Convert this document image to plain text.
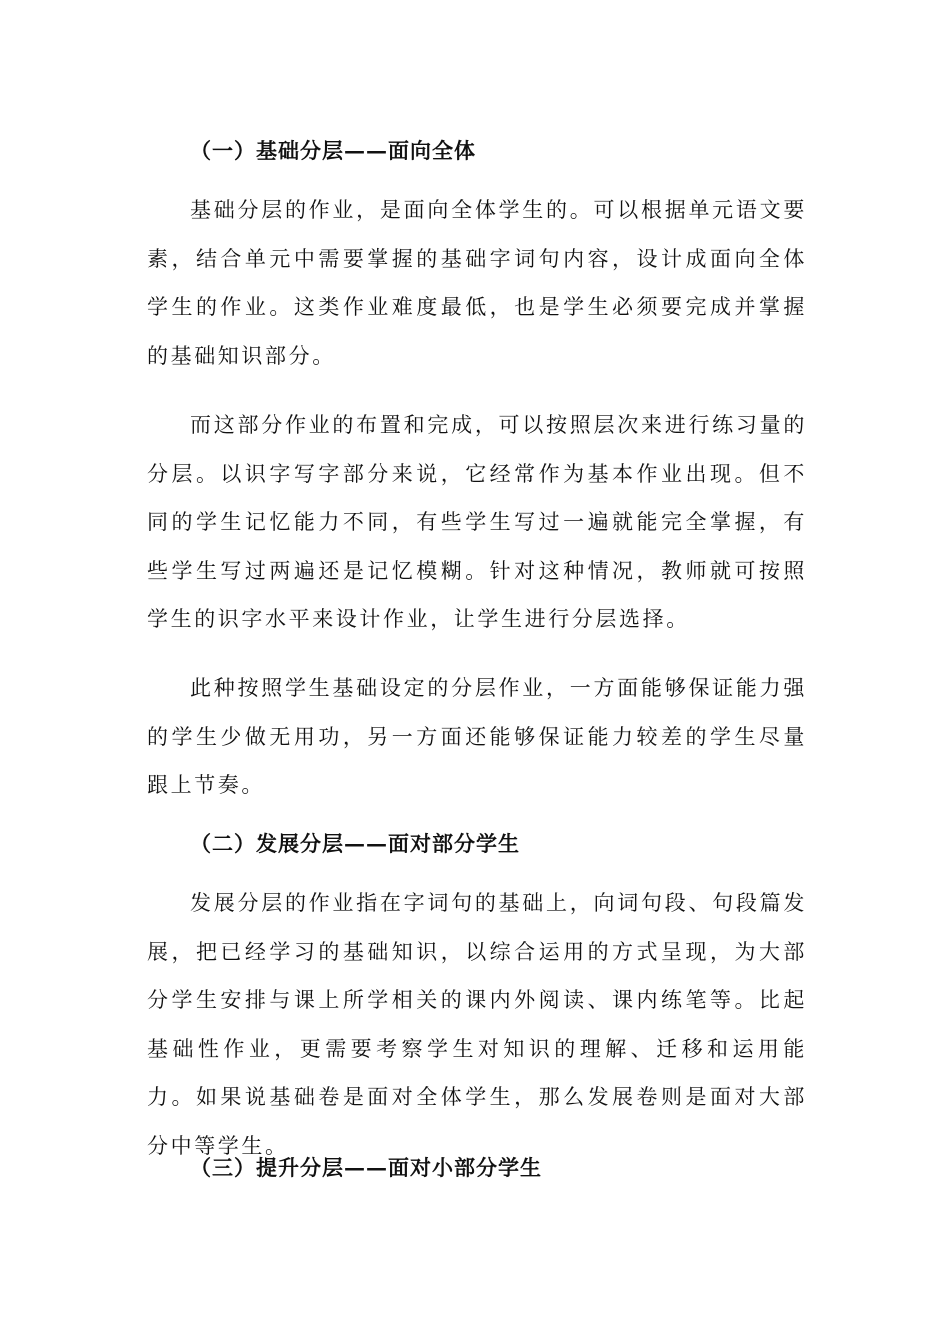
（一）基础分层——面向全体

基础分层的作业，是面向全体学生的。可以根据单元语文要素，结合单元中需要掌握的基础字词句内容，设计成面向全体学生的作业。这类作业难度最低，也是学生必须要完成并掌握的基础知识部分。

而这部分作业的布置和完成，可以按照层次来进行练习量的分层。以识字写字部分来说，它经常作为基本作业出现。但不同的学生记忆能力不同，有些学生写过一遍就能完全掌握，有些学生写过两遍还是记忆模糊。针对这种情况，教师就可按照学生的识字水平来设计作业，让学生进行分层选择。

此种按照学生基础设定的分层作业，一方面能够保证能力强的学生少做无用功，另一方面还能够保证能力较差的学生尽量跟上节奏。

（二）发展分层——面对部分学生

发展分层的作业指在字词句的基础上，向词句段、句段篇发展，把已经学习的基础知识，以综合运用的方式呈现，为大部分学生安排与课上所学相关的课内外阅读、课内练笔等。比起基础性作业，更需要考察学生对知识的理解、迁移和运用能力。如果说基础卷是面对全体学生，那么发展卷则是面对大部分中等学生。

（三）提升分层——面对小部分学生
